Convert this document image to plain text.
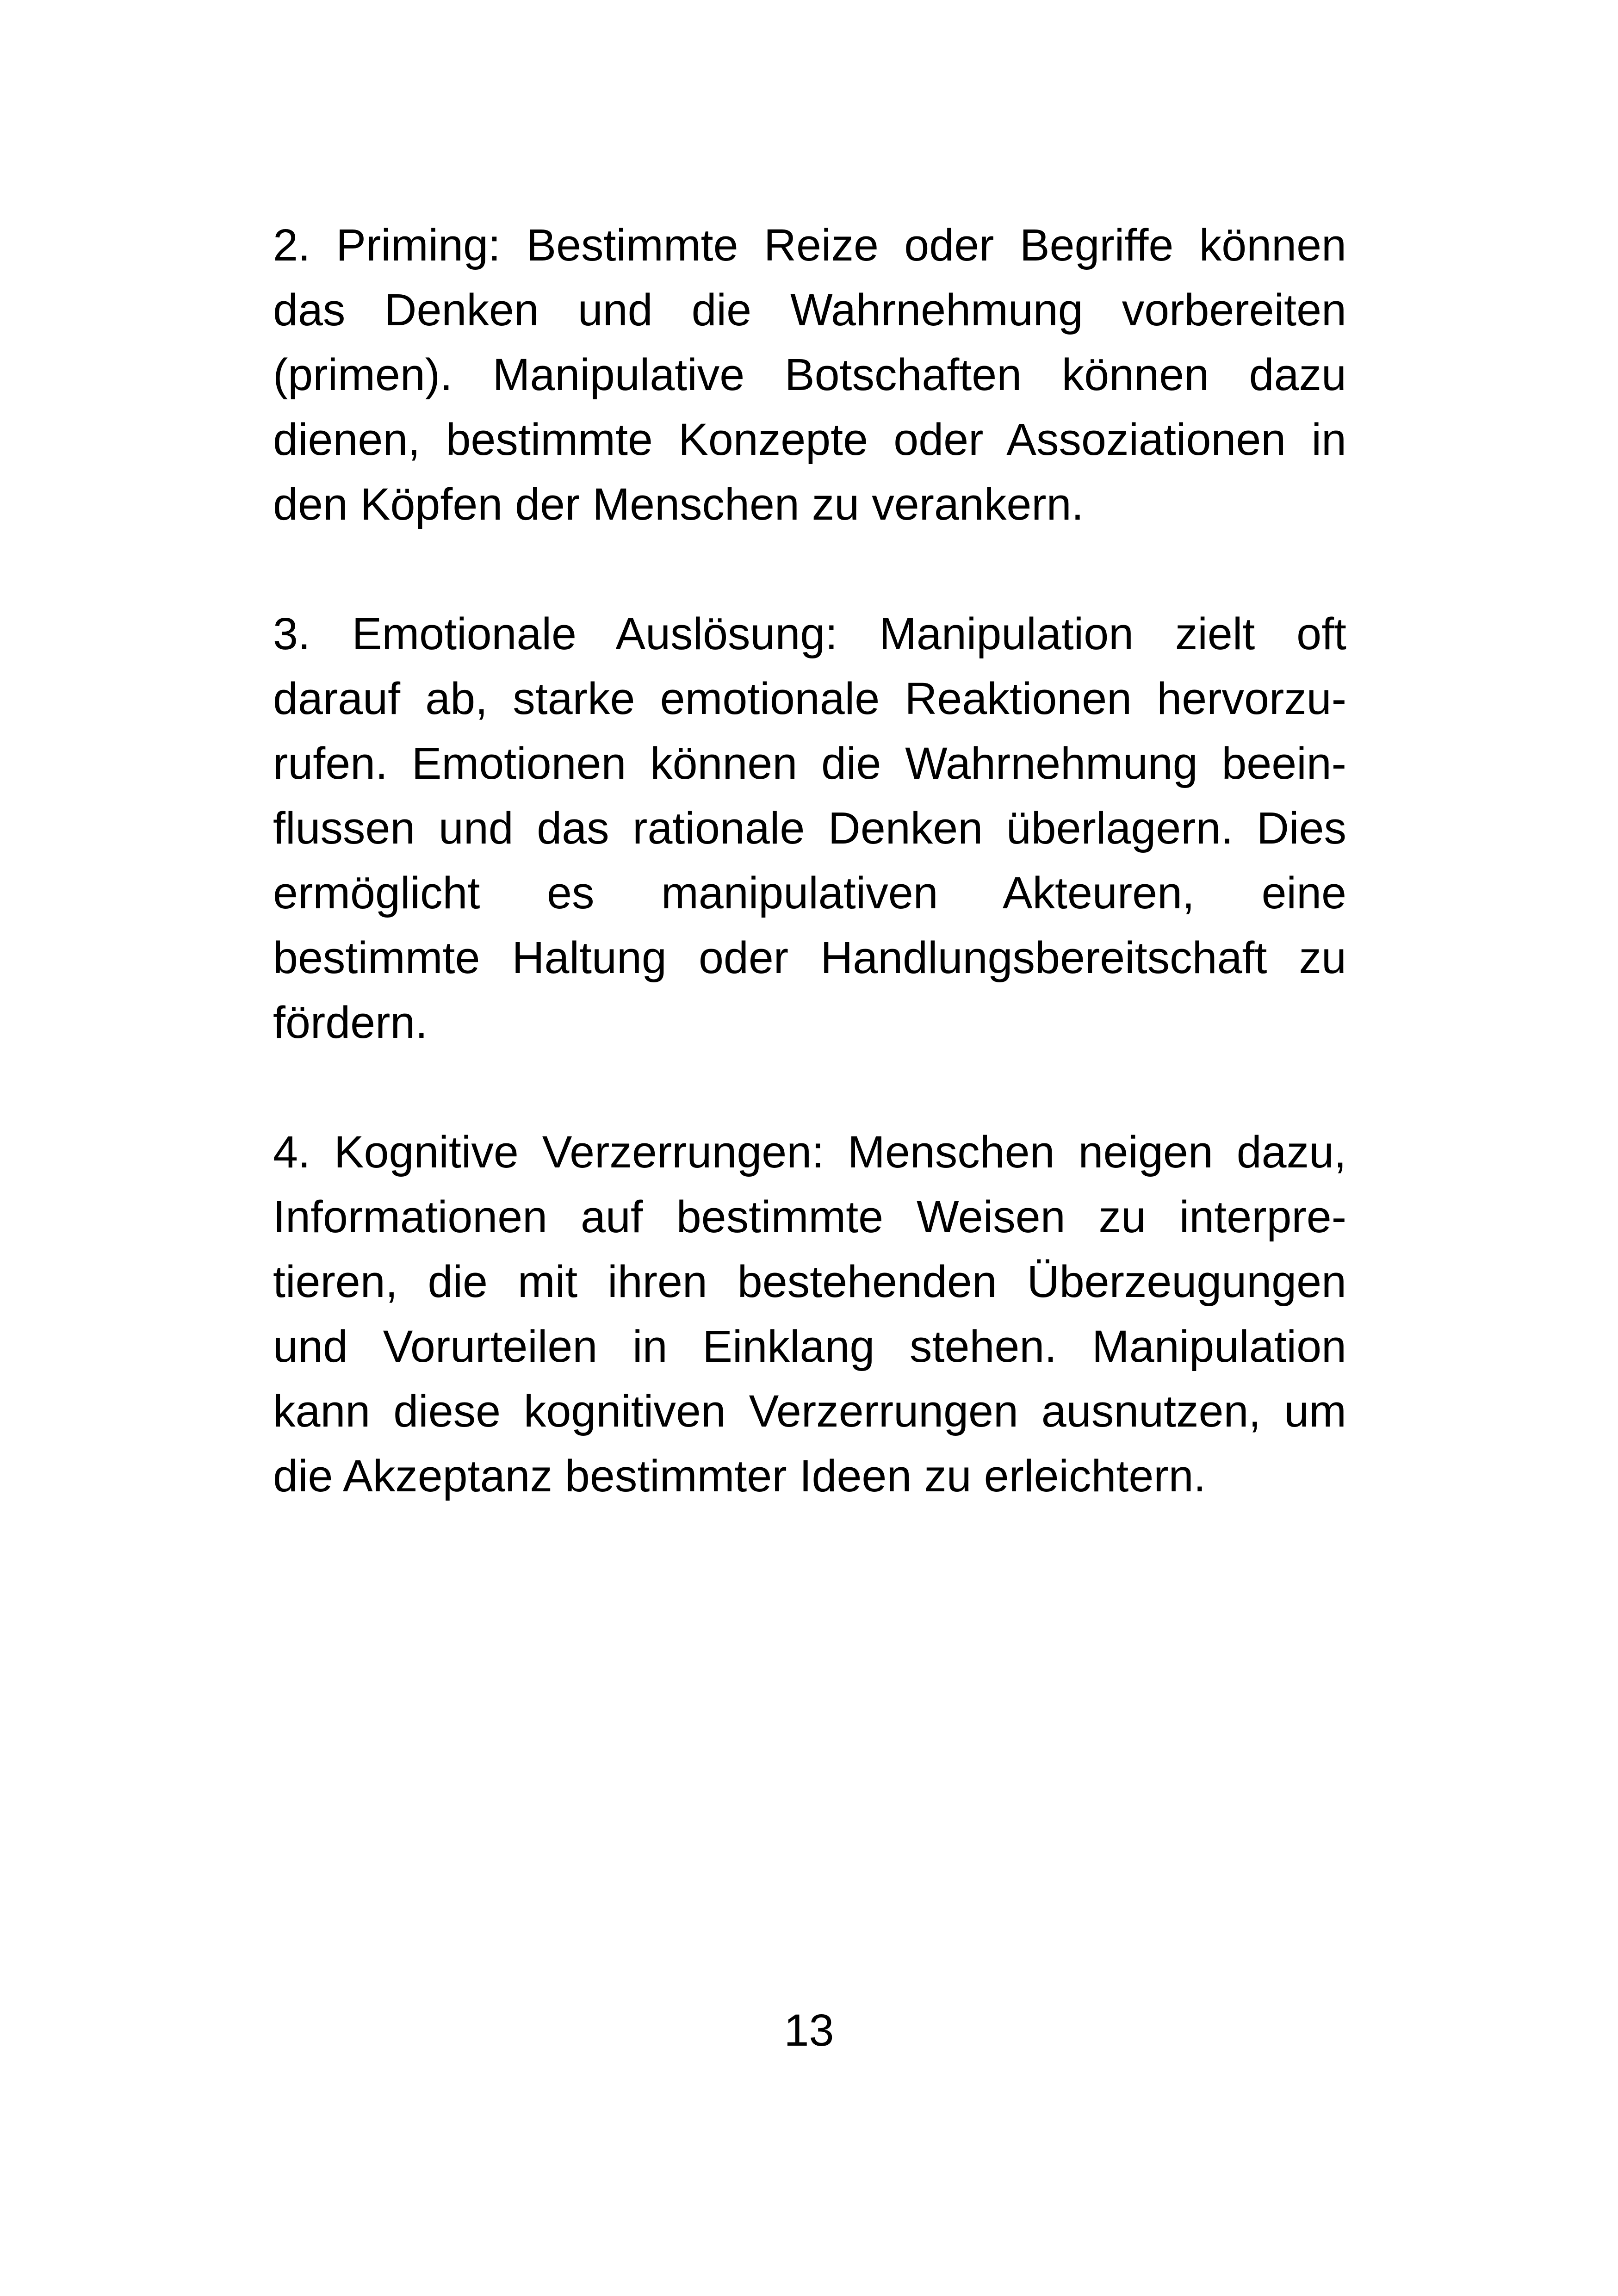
2. Priming: Bestimmte Reize oder Begriffe können
das Denken und die Wahrnehmung vorbereiten
(primen). Manipulative Botschaften können dazu
dienen, bestimmte Konzepte oder Assoziationen in
den Köpfen der Menschen zu verankern.

3. Emotionale Auslösung: Manipulation zielt oft
darauf ab, starke emotionale Reaktionen hervorzu-
rufen. Emotionen können die Wahrnehmung beein-
flussen und das rationale Denken überlagern. Dies
ermöglicht es manipulativen Akteuren, eine
bestimmte Haltung oder Handlungsbereitschaft zu
fördern.

4. Kognitive Verzerrungen: Menschen neigen dazu,
Informationen auf bestimmte Weisen zu interpre-
tieren, die mit ihren bestehenden Überzeugungen
und Vorurteilen in Einklang stehen. Manipulation
kann diese kognitiven Verzerrungen ausnutzen, um
die Akzeptanz bestimmter Ideen zu erleichtern.

13
